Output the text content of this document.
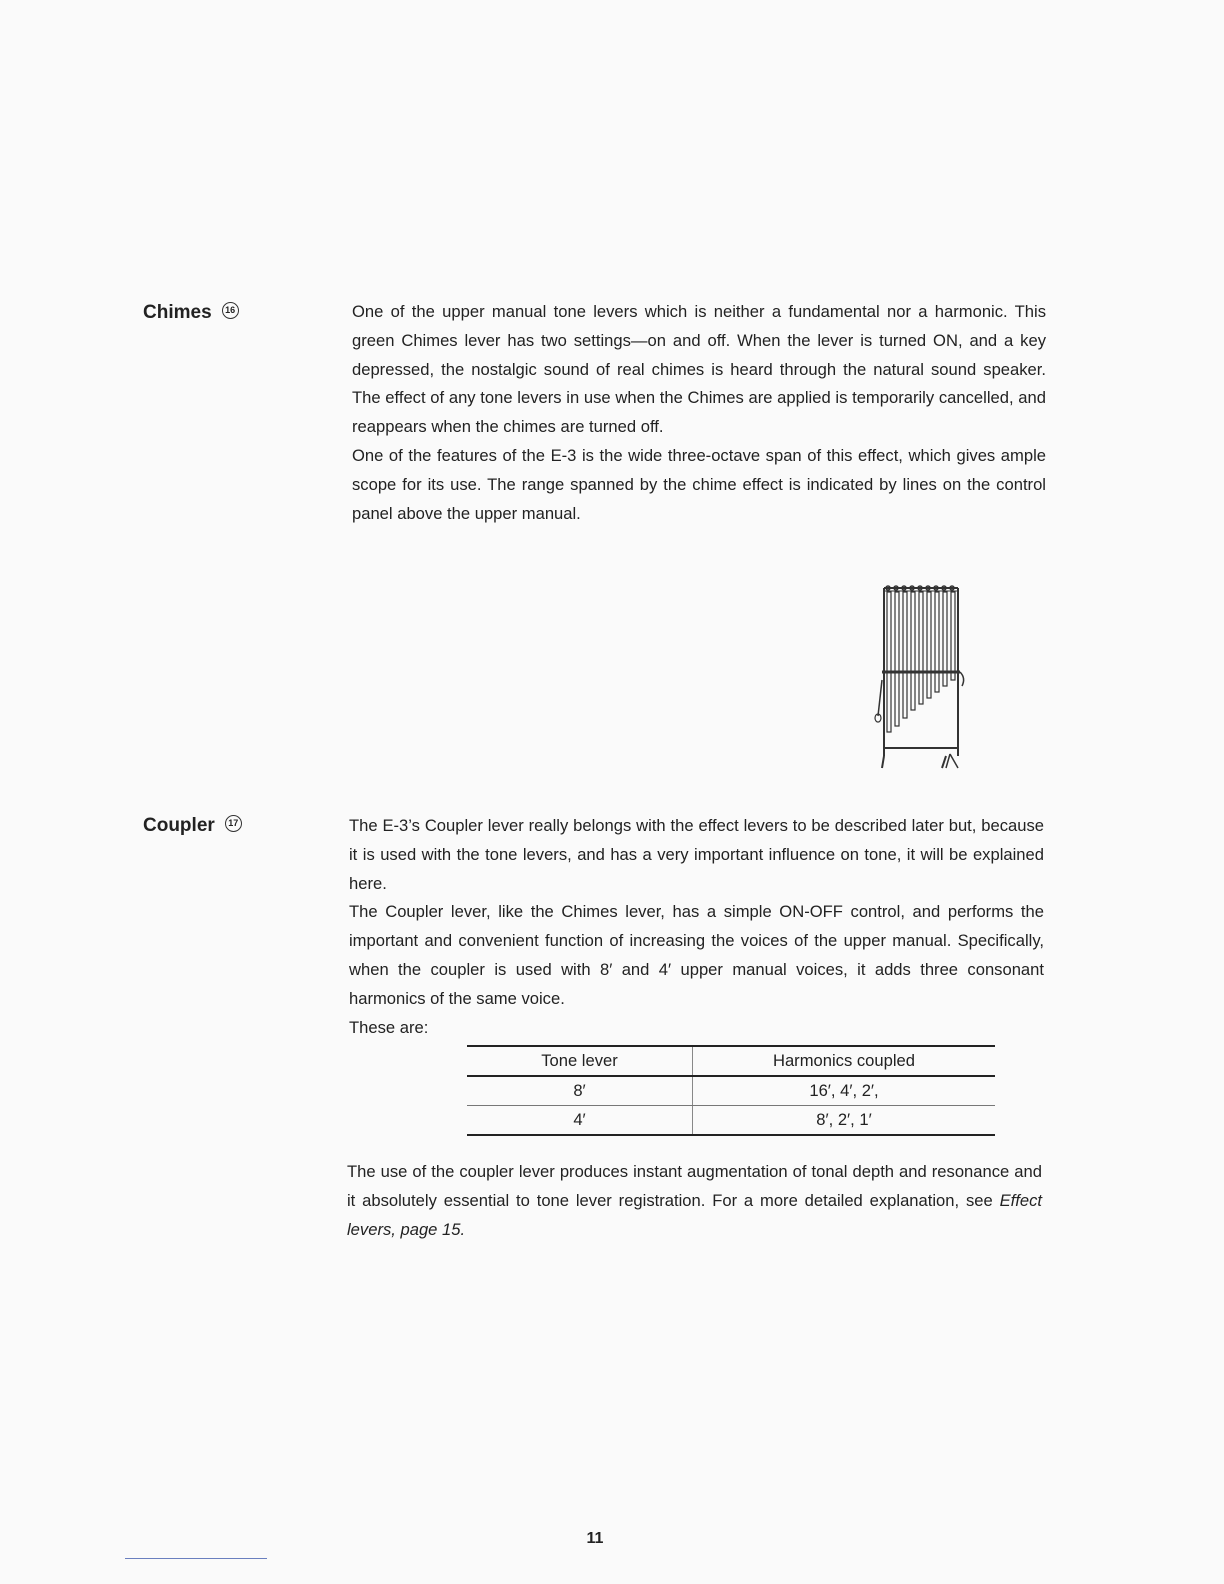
Chimes 16	One of the upper manual tone levers which is neither a fundamental nor a harmonic. This green Chimes lever has two settings—on and off. When the lever is turned ON, and a key depressed, the nostalgic sound of real chimes is heard through the natural sound speaker. The effect of any tone levers in use when the Chimes are applied is temporarily cancelled, and reappears when the chimes are turned off.

One of the features of the E-3 is the wide three-octave span of this effect, which gives ample scope for its use. The range spanned by the chime effect is indicated by lines on the control panel above the upper manual.

Coupler 17	The E-3’s Coupler lever really belongs with the effect levers to be described later but, because it is used with the tone levers, and has a very important influence on tone, it will be explained here.

The Coupler lever, like the Chimes lever, has a simple ON-OFF control, and performs the important and convenient function of increasing the voices of the upper manual. Specifically, when the coupler is used with 8′ and 4′ upper manual voices, it adds three consonant harmonics of the same voice.

These are:

Tone lever	Harmonics coupled
8′	16′, 4′, 2′,
4′	8′, 2′, 1′

The use of the coupler lever produces instant augmentation of tonal depth and resonance and it absolutely essential to tone lever registration. For a more detailed explanation, see Effect levers, page 15.

11
